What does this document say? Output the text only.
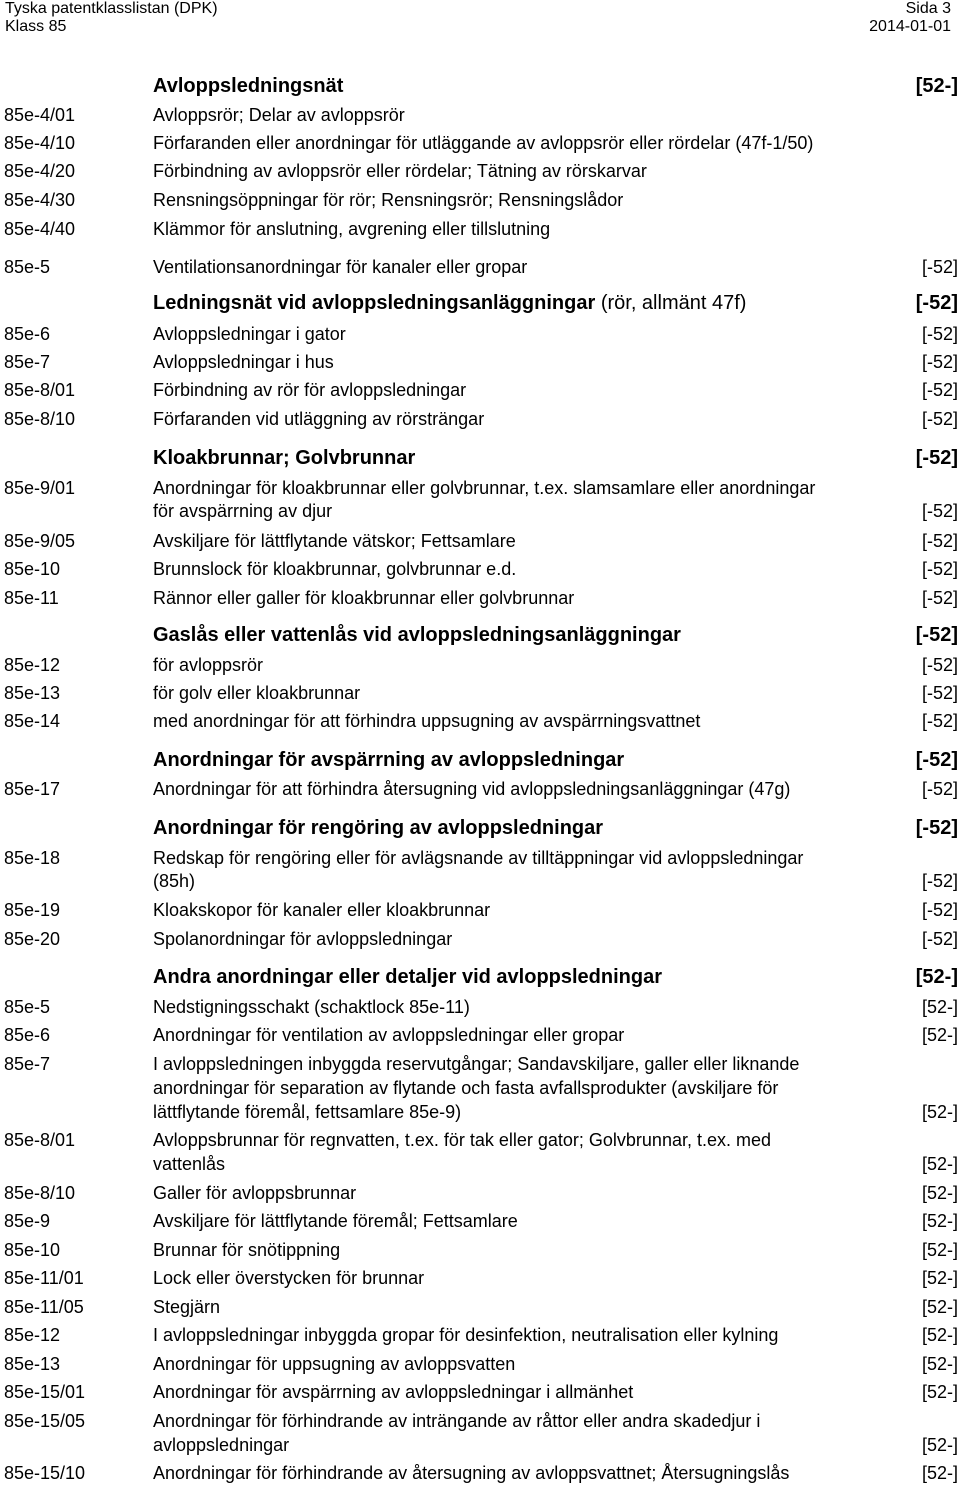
Tyska patentklasslistan (DPK)
Klass 85
Sida 3
2014-01-01
Avloppsledningsnät	[52-]
85e-4/01	Avloppsrör; Delar av avloppsrör
85e-4/10	Förfaranden eller anordningar för utläggande av avloppsrör eller rördelar (47f-1/50)
85e-4/20	Förbindning av avloppsrör eller rördelar; Tätning av rörskarvar
85e-4/30	Rensningsöppningar för rör; Rensningsrör; Rensningslådor
85e-4/40	Klämmor för anslutning, avgrening eller tillslutning
85e-5	Ventilationsanordningar för kanaler eller gropar	[-52]
Ledningsnät vid avloppsledningsanläggningar (rör, allmänt 47f)	[-52]
85e-6	Avloppsledningar i gator	[-52]
85e-7	Avloppsledningar i hus	[-52]
85e-8/01	Förbindning av rör för avloppsledningar	[-52]
85e-8/10	Förfaranden vid utläggning av rörsträngar	[-52]
Kloakbrunnar; Golvbrunnar	[-52]
85e-9/01	Anordningar för kloakbrunnar eller golvbrunnar, t.ex. slamsamlare eller anordningar
för avspärrning av djur	[-52]
85e-9/05	Avskiljare för lättflytande vätskor; Fettsamlare	[-52]
85e-10	Brunnslock för kloakbrunnar, golvbrunnar e.d.	[-52]
85e-11	Rännor eller galler för kloakbrunnar eller golvbrunnar	[-52]
Gaslås eller vattenlås vid avloppsledningsanläggningar	[-52]
85e-12	för avloppsrör	[-52]
85e-13	för golv eller kloakbrunnar	[-52]
85e-14	med anordningar för att förhindra uppsugning av avspärrningsvattnet	[-52]
Anordningar för avspärrning av avloppsledningar	[-52]
85e-17	Anordningar för att förhindra återsugning vid avloppsledningsanläggningar (47g)	[-52]
Anordningar för rengöring av avloppsledningar	[-52]
85e-18	Redskap för rengöring eller för avlägsnande av tilltäppningar vid avloppsledningar
(85h)	[-52]
85e-19	Kloakskopor för kanaler eller kloakbrunnar	[-52]
85e-20	Spolanordningar för avloppsledningar	[-52]
Andra anordningar eller detaljer vid avloppsledningar	[52-]
85e-5	Nedstigningsschakt (schaktlock 85e-11)	[52-]
85e-6	Anordningar för ventilation av avloppsledningar eller gropar	[52-]
85e-7	I avloppsledningen inbyggda reservutgångar; Sandavskiljare, galler eller liknande
anordningar för separation av flytande och fasta avfallsprodukter (avskiljare för
lättflytande föremål, fettsamlare 85e-9)	[52-]
85e-8/01	Avloppsbrunnar för regnvatten, t.ex. för tak eller gator; Golvbrunnar, t.ex. med
vattenlås	[52-]
85e-8/10	Galler för avloppsbrunnar	[52-]
85e-9	Avskiljare för lättflytande föremål; Fettsamlare	[52-]
85e-10	Brunnar för snötippning	[52-]
85e-11/01	Lock eller överstycken för brunnar	[52-]
85e-11/05	Stegjärn	[52-]
85e-12	I avloppsledningar inbyggda gropar för desinfektion, neutralisation eller kylning	[52-]
85e-13	Anordningar för uppsugning av avloppsvatten	[52-]
85e-15/01	Anordningar för avspärrning av avloppsledningar i allmänhet	[52-]
85e-15/05	Anordningar för förhindrande av inträngande av råttor eller andra skadedjur i
avloppsledningar	[52-]
85e-15/10	Anordningar för förhindrande av återsugning av avloppsvattnet; Återsugningslås	[52-]
